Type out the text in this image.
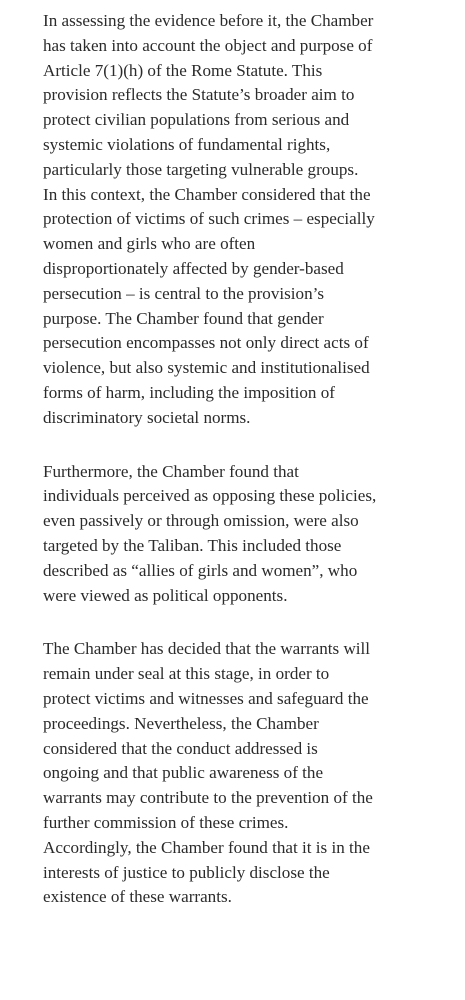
In assessing the evidence before it, the Chamber
has taken into account the object and purpose of
Article 7(1)(h) of the Rome Statute. This
provision reflects the Statute’s broader aim to
protect civilian populations from serious and
systemic violations of fundamental rights,
particularly those targeting vulnerable groups.
In this context, the Chamber considered that the
protection of victims of such crimes – especially
women and girls who are often
disproportionately affected by gender-based
persecution – is central to the provision’s
purpose. The Chamber found that gender
persecution encompasses not only direct acts of
violence, but also systemic and institutionalised
forms of harm, including the imposition of
discriminatory societal norms.

Furthermore, the Chamber found that
individuals perceived as opposing these policies,
even passively or through omission, were also
targeted by the Taliban. This included those
described as “allies of girls and women”, who
were viewed as political opponents.

The Chamber has decided that the warrants will
remain under seal at this stage, in order to
protect victims and witnesses and safeguard the
proceedings. Nevertheless, the Chamber
considered that the conduct addressed is
ongoing and that public awareness of the
warrants may contribute to the prevention of the
further commission of these crimes.
Accordingly, the Chamber found that it is in the
interests of justice to publicly disclose the
existence of these warrants.
